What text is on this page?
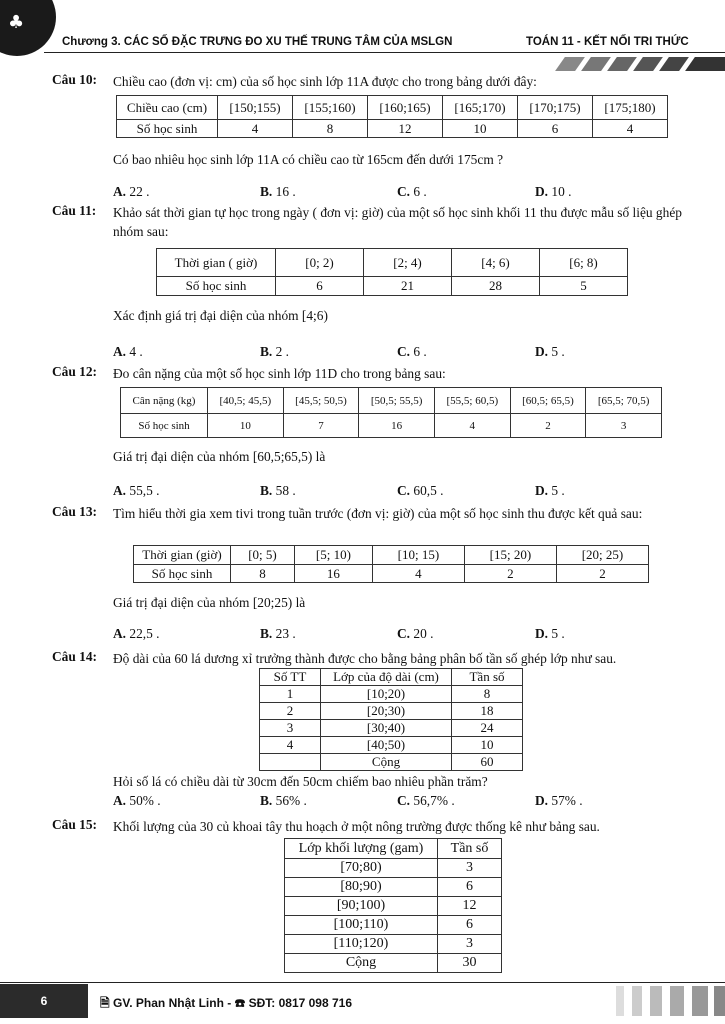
♣
Chương 3. CÁC SỐ ĐẶC TRƯNG ĐO XU THẾ TRUNG TÂM CỦA MSLGN	TOÁN 11 - KẾT NỐI TRI THỨC
Câu 10: Chiều cao (đơn vị: cm) của số học sinh lớp 11A được cho trong bảng dưới đây:
Chiều cao (cm)	[150;155)	[155;160)	[160;165)	[165;170)	[170;175)	[175;180)
Số học sinh	4	8	12	10	6	4
Có bao nhiêu học sinh lớp 11A có chiều cao từ 165cm đến dưới 175cm ?
A. 22 .	B. 16 .	C. 6 .	D. 10 .
Câu 11: Khảo sát thời gian tự học trong ngày ( đơn vị: giờ) của một số học sinh khối 11 thu được mẫu số liệu ghép nhóm sau:
Thời gian ( giờ)	[0; 2)	[2; 4)	[4; 6)	[6; 8)
Số học sinh	6	21	28	5
Xác định giá trị đại diện của nhóm [4;6)
A. 4 .	B. 2 .	C. 6 .	D. 5 .
Câu 12: Đo cân nặng của một số học sinh lớp 11D cho trong bảng sau:
Cân nặng (kg)	[40,5; 45,5)	[45,5; 50,5)	[50,5; 55,5)	[55,5; 60,5)	[60,5; 65,5)	[65,5; 70,5)
Số học sinh	10	7	16	4	2	3
Giá trị đại diện của nhóm [60,5;65,5) là
A. 55,5 .	B. 58 .	C. 60,5 .	D. 5 .
Câu 13: Tìm hiểu thời gia xem tivi trong tuần trước (đơn vị: giờ) của một số học sinh thu được kết quả sau:
Thời gian (giờ)	[0; 5)	[5; 10)	[10; 15)	[15; 20)	[20; 25)
Số học sinh	8	16	4	2	2
Giá trị đại diện của nhóm [20;25) là
A. 22,5 .	B. 23 .	C. 20 .	D. 5 .
Câu 14: Độ dài của 60 lá dương xỉ trưởng thành được cho bằng bảng phân bố tần số ghép lớp như sau.
Số TT	Lớp của độ dài (cm)	Tần số
1	[10;20)	8
2	[20;30)	18
3	[30;40)	24
4	[40;50)	10
	Cộng	60
Hỏi số lá có chiều dài từ 30cm đến 50cm chiếm bao nhiêu phần trăm?
A. 50% .	B. 56% .	C. 56,7% .	D. 57% .
Câu 15: Khối lượng của 30 củ khoai tây thu hoạch ở một nông trường được thống kê như bảng sau.
Lớp khối lượng (gam)	Tần số
[70;80)	3
[80;90)	6
[90;100)	12
[100;110)	6
[110;120)	3
Cộng	30
6	🗎 GV. Phan Nhật Linh - ☎ SĐT: 0817 098 716
